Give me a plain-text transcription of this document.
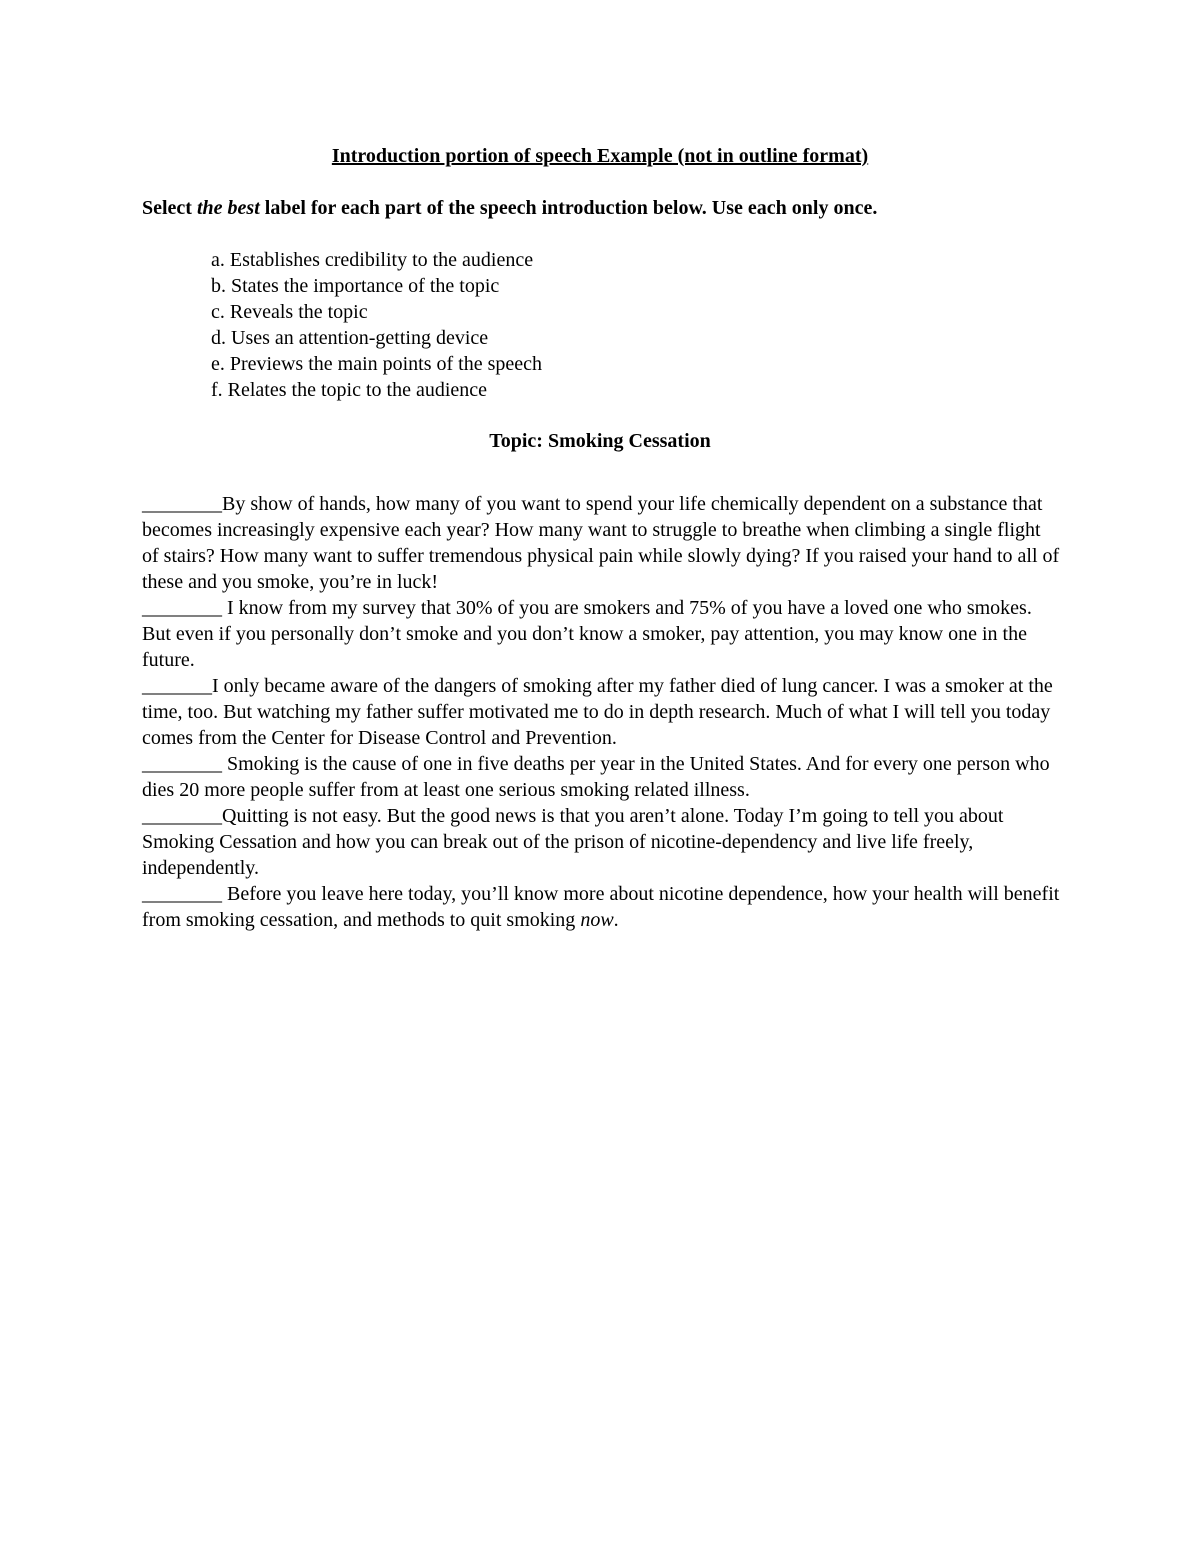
Introduction portion of speech Example (not in outline format)

Select the best label for each part of the speech introduction below. Use each only once.

a. Establishes credibility to the audience
b. States the importance of the topic
c. Reveals the topic
d. Uses an attention-getting device
e. Previews the main points of the speech
f. Relates the topic to the audience
Topic: Smoking Cessation

________By show of hands, how many of you want to spend your life chemically dependent on a substance that becomes increasingly expensive each year? How many want to struggle to breathe when climbing a single flight of stairs? How many want to suffer tremendous physical pain while slowly dying? If you raised your hand to all of these and you smoke, you’re in luck!

________ I know from my survey that 30% of you are smokers and 75% of you have a loved one who smokes. But even if you personally don’t smoke and you don’t know a smoker, pay attention, you may know one in the future.

_______I only became aware of the dangers of smoking after my father died of lung cancer. I was a smoker at the time, too. But watching my father suffer motivated me to do in depth research. Much of what I will tell you today comes from the Center for Disease Control and Prevention.

________ Smoking is the cause of one in five deaths per year in the United States. And for every one person who dies 20 more people suffer from at least one serious smoking related illness.

________Quitting is not easy. But the good news is that you aren’t alone. Today I’m going to tell you about Smoking Cessation and how you can break out of the prison of nicotine-dependency and live life freely, independently.

________ Before you leave here today, you’ll know more about nicotine dependence, how your health will benefit from smoking cessation, and methods to quit smoking now.
